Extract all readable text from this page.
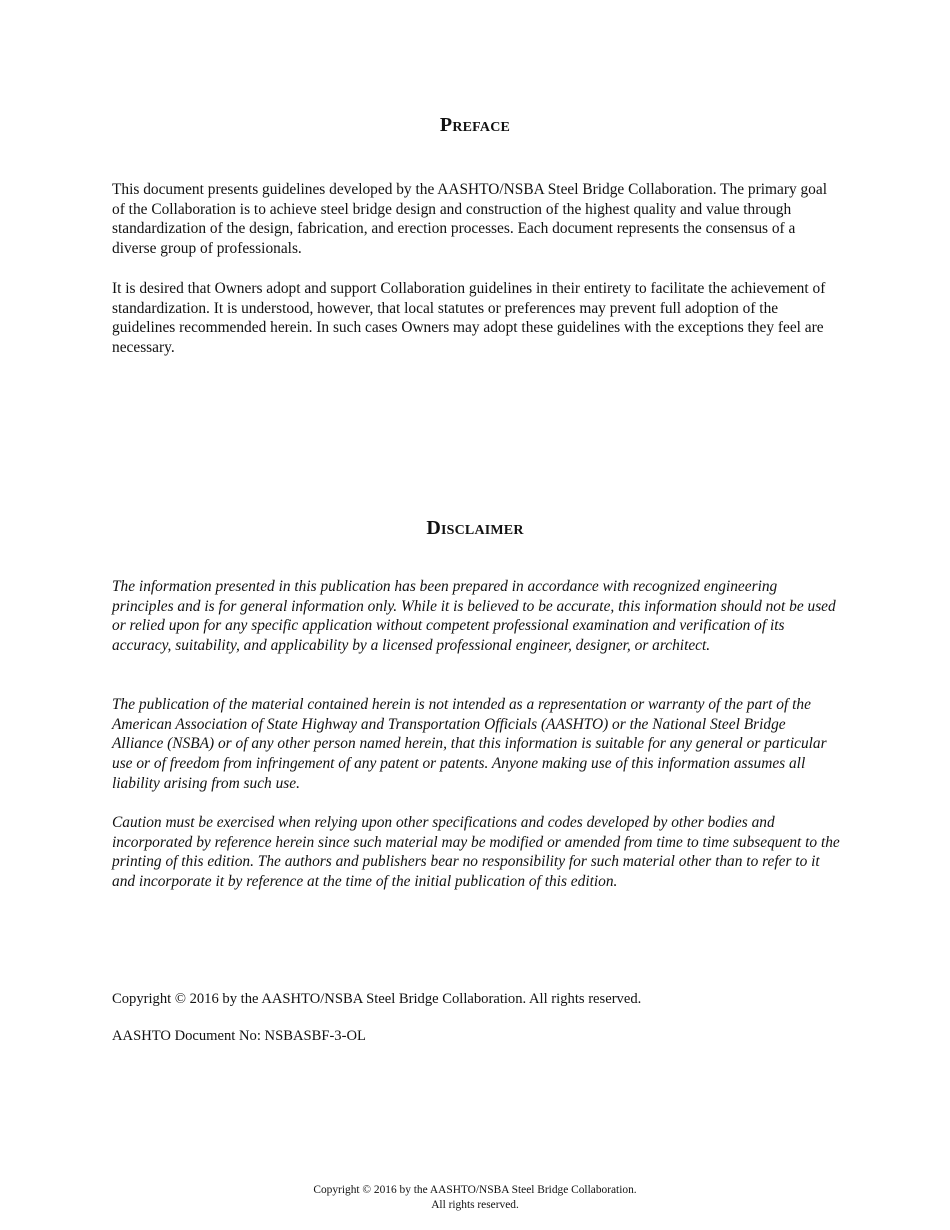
Preface

This document presents guidelines developed by the AASHTO/NSBA Steel Bridge Collaboration. The primary goal of the Collaboration is to achieve steel bridge design and construction of the highest quality and value through standardization of the design, fabrication, and erection processes. Each document represents the consensus of a diverse group of professionals.

It is desired that Owners adopt and support Collaboration guidelines in their entirety to facilitate the achievement of standardization. It is understood, however, that local statutes or preferences may prevent full adoption of the guidelines recommended herein. In such cases Owners may adopt these guidelines with the exceptions they feel are necessary.

Disclaimer

The information presented in this publication has been prepared in accordance with recognized engineering principles and is for general information only. While it is believed to be accurate, this information should not be used or relied upon for any specific application without competent professional examination and verification of its accuracy, suitability, and applicability by a licensed professional engineer, designer, or architect.

The publication of the material contained herein is not intended as a representation or warranty of the part of the American Association of State Highway and Transportation Officials (AASHTO) or the National Steel Bridge Alliance (NSBA) or of any other person named herein, that this information is suitable for any general or particular use or of freedom from infringement of any patent or patents. Anyone making use of this information assumes all liability arising from such use.

Caution must be exercised when relying upon other specifications and codes developed by other bodies and incorporated by reference herein since such material may be modified or amended from time to time subsequent to the printing of this edition. The authors and publishers bear no responsibility for such material other than to refer to it and incorporate it by reference at the time of the initial publication of this edition.

Copyright © 2016 by the AASHTO/NSBA Steel Bridge Collaboration. All rights reserved.

AASHTO Document No: NSBASBF-3-OL

Copyright © 2016 by the AASHTO/NSBA Steel Bridge Collaboration.
All rights reserved.
